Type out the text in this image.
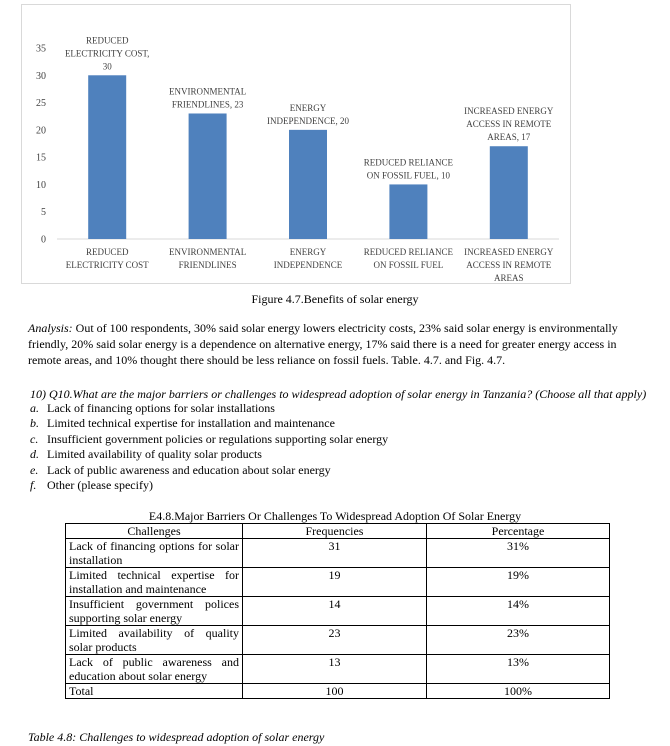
0
5
10
15
20
25
30
35
REDUCED ELECTRICITY COST, 30
REDUCED ELECTRICITY COST
ENVIRONMENTAL FRIENDLINES, 23
ENVIRONMENTAL FRIENDLINES
ENERGY INDEPENDENCE, 20
ENERGY INDEPENDENCE
REDUCED RELIANCE ON FOSSIL FUEL, 10
REDUCED RELIANCE ON FOSSIL FUEL
INCREASED ENERGY ACCESS IN REMOTE AREAS, 17
INCREASED ENERGY ACCESS IN REMOTE AREAS
Figure 4.7.Benefits of solar energy
Analysis: Out of 100 respondents, 30% said solar energy lowers electricity costs, 23% said solar energy is environmentally friendly, 20% said solar energy is a dependence on alternative energy, 17% said there is a need for greater energy access in remote areas, and 10% thought there should be less reliance on fossil fuels. Table. 4.7. and Fig. 4.7.
10) Q10.What are the major barriers or challenges to widespread adoption of solar energy in Tanzania? (Choose all that apply)
a. Lack of financing options for solar installations
b. Limited technical expertise for installation and maintenance
c. Insufficient government policies or regulations supporting solar energy
d. Limited availability of quality solar products
e. Lack of public awareness and education about solar energy
f. Other (please specify)
E4.8.Major Barriers Or Challenges To Widespread Adoption Of Solar Energy
Challenges	Frequencies	Percentage
Lack of financing options for solar installation	31	31%
Limited technical expertise for installation and maintenance	19	19%
Insufficient government polices supporting solar energy	14	14%
Limited availability of quality solar products	23	23%
Lack of public awareness and education about solar energy	13	13%
Total	100	100%
Table 4.8: Challenges to widespread adoption of solar energy
